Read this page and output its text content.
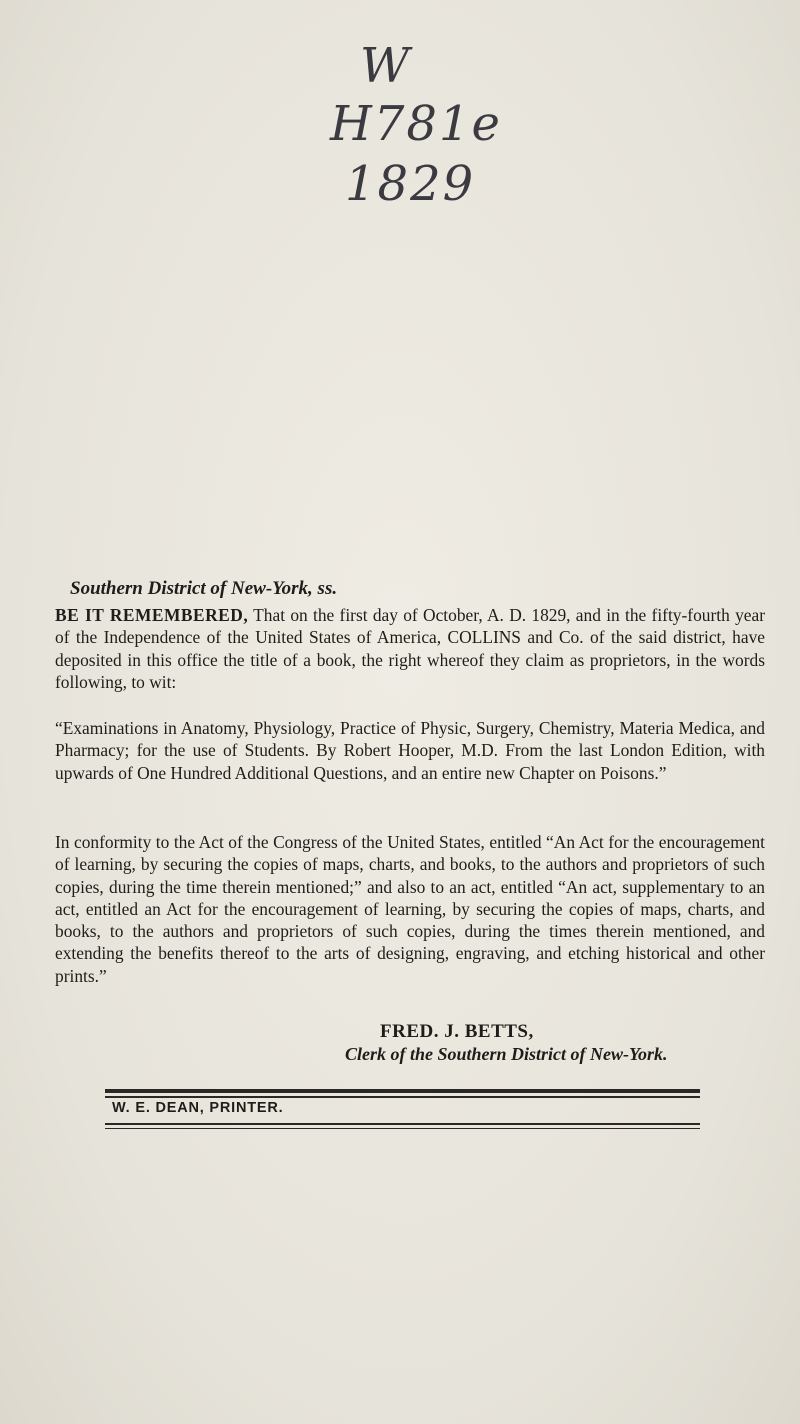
W
H781e
1829
Southern District of New-York, ss.
BE IT REMEMBERED, That on the first day of October, A. D. 1829, and in the fifty-fourth year of the Independence of the United States of America, COLLINS and Co. of the said district, have deposited in this office the title of a book, the right whereof they claim as proprietors, in the words following, to wit:
“Examinations in Anatomy, Physiology, Practice of Physic, Surgery, Chemistry, Materia Medica, and Pharmacy; for the use of Students. By Robert Hooper, M.D. From the last London Edition, with upwards of One Hundred Additional Questions, and an entire new Chapter on Poisons.”
In conformity to the Act of the Congress of the United States, entitled “An Act for the encouragement of learning, by securing the copies of maps, charts, and books, to the authors and proprietors of such copies, during the time therein mentioned;” and also to an act, entitled “An act, supplementary to an act, entitled an Act for the encouragement of learning, by securing the copies of maps, charts, and books, to the authors and proprietors of such copies, during the times therein mentioned, and extending the benefits thereof to the arts of designing, engraving, and etching historical and other prints.”
FRED. J. BETTS,
Clerk of the Southern District of New-York.
W. E. DEAN, PRINTER.
